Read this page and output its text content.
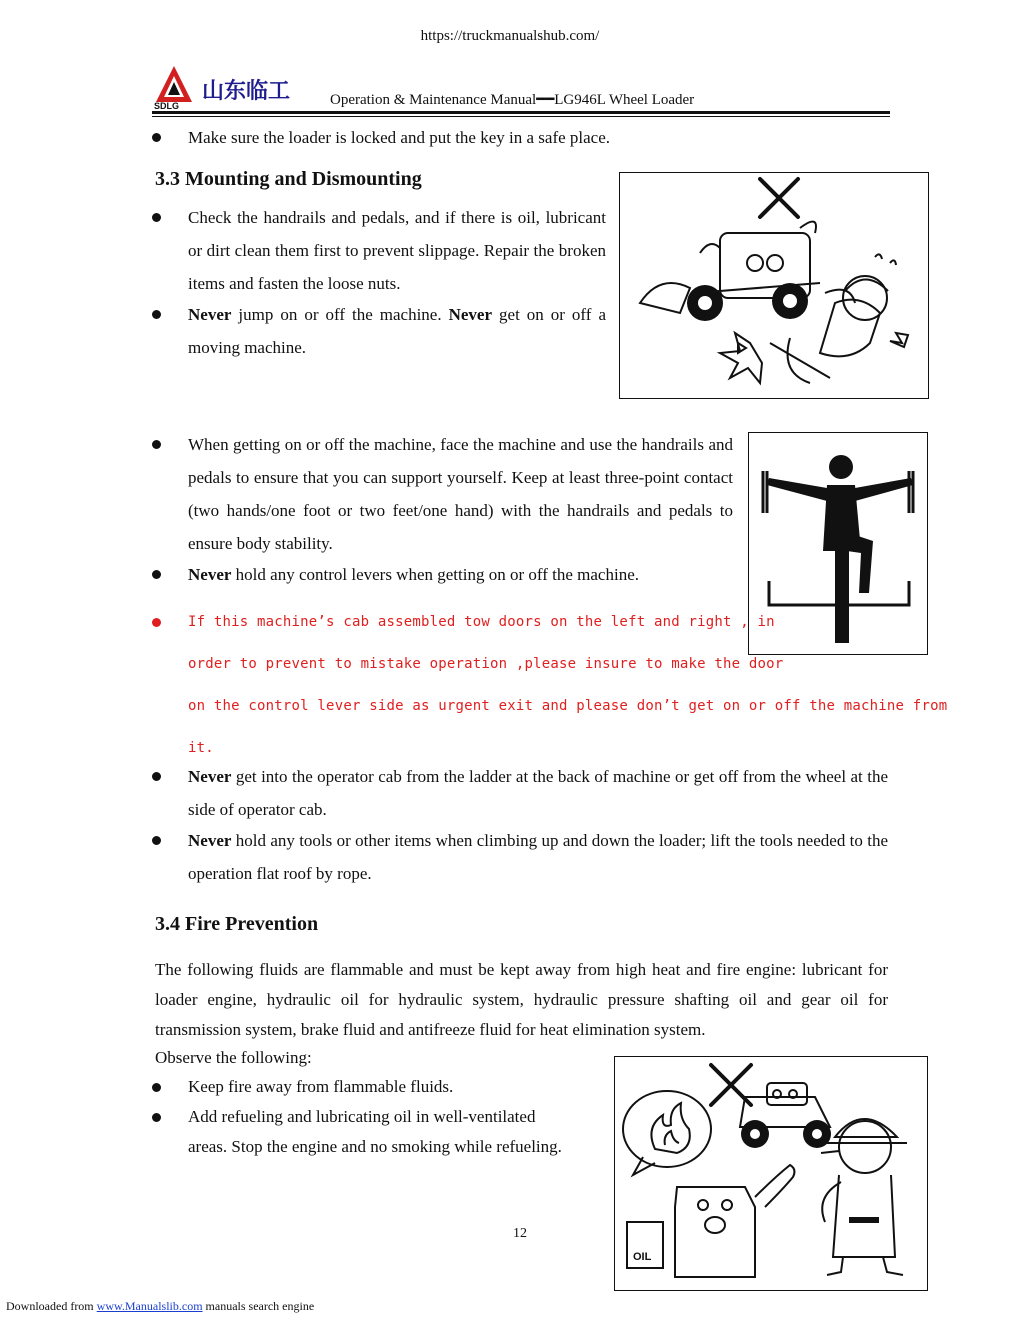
https://truckmanualshub.com/
SDLG
山东临工	Operation & Maintenance Manual━━LG946L Wheel Loader
Make sure the loader is locked and put the key in a safe place.
3.3 Mounting and Dismounting
Check the handrails and pedals, and if there is oil, lubricant or dirt clean them first to prevent slippage. Repair the broken items and fasten the loose nuts.
Never jump on or off the machine. Never get on or off a moving machine.
When getting on or off the machine, face the machine and use the handrails and pedals to ensure that you can support yourself. Keep at least three-point contact (two hands/one foot or two feet/one hand) with the handrails and pedals to ensure body stability.
Never hold any control levers when getting on or off the machine.
If this machine’s cab assembled tow doors on the left and right , in
order to prevent to mistake operation ,please insure to make the door
on the control lever side as urgent exit and please don’t get on or off the machine from
it.
Never get into the operator cab from the ladder at the back of machine or get off from the wheel at the side of operator cab.
Never hold any tools or other items when climbing up and down the loader; lift the tools needed to the operation flat roof by rope.
3.4 Fire Prevention
The following fluids are flammable and must be kept away from high heat and fire engine: lubricant for loader engine, hydraulic oil for hydraulic system, hydraulic pressure shafting oil and gear oil for transmission system, brake fluid and antifreeze fluid for heat elimination system.
Observe the following:
Keep fire away from flammable fluids.
Add refueling and lubricating oil in well-ventilated areas. Stop the engine and no smoking while refueling.
OIL
12
Downloaded from www.Manualslib.com manuals search engine
